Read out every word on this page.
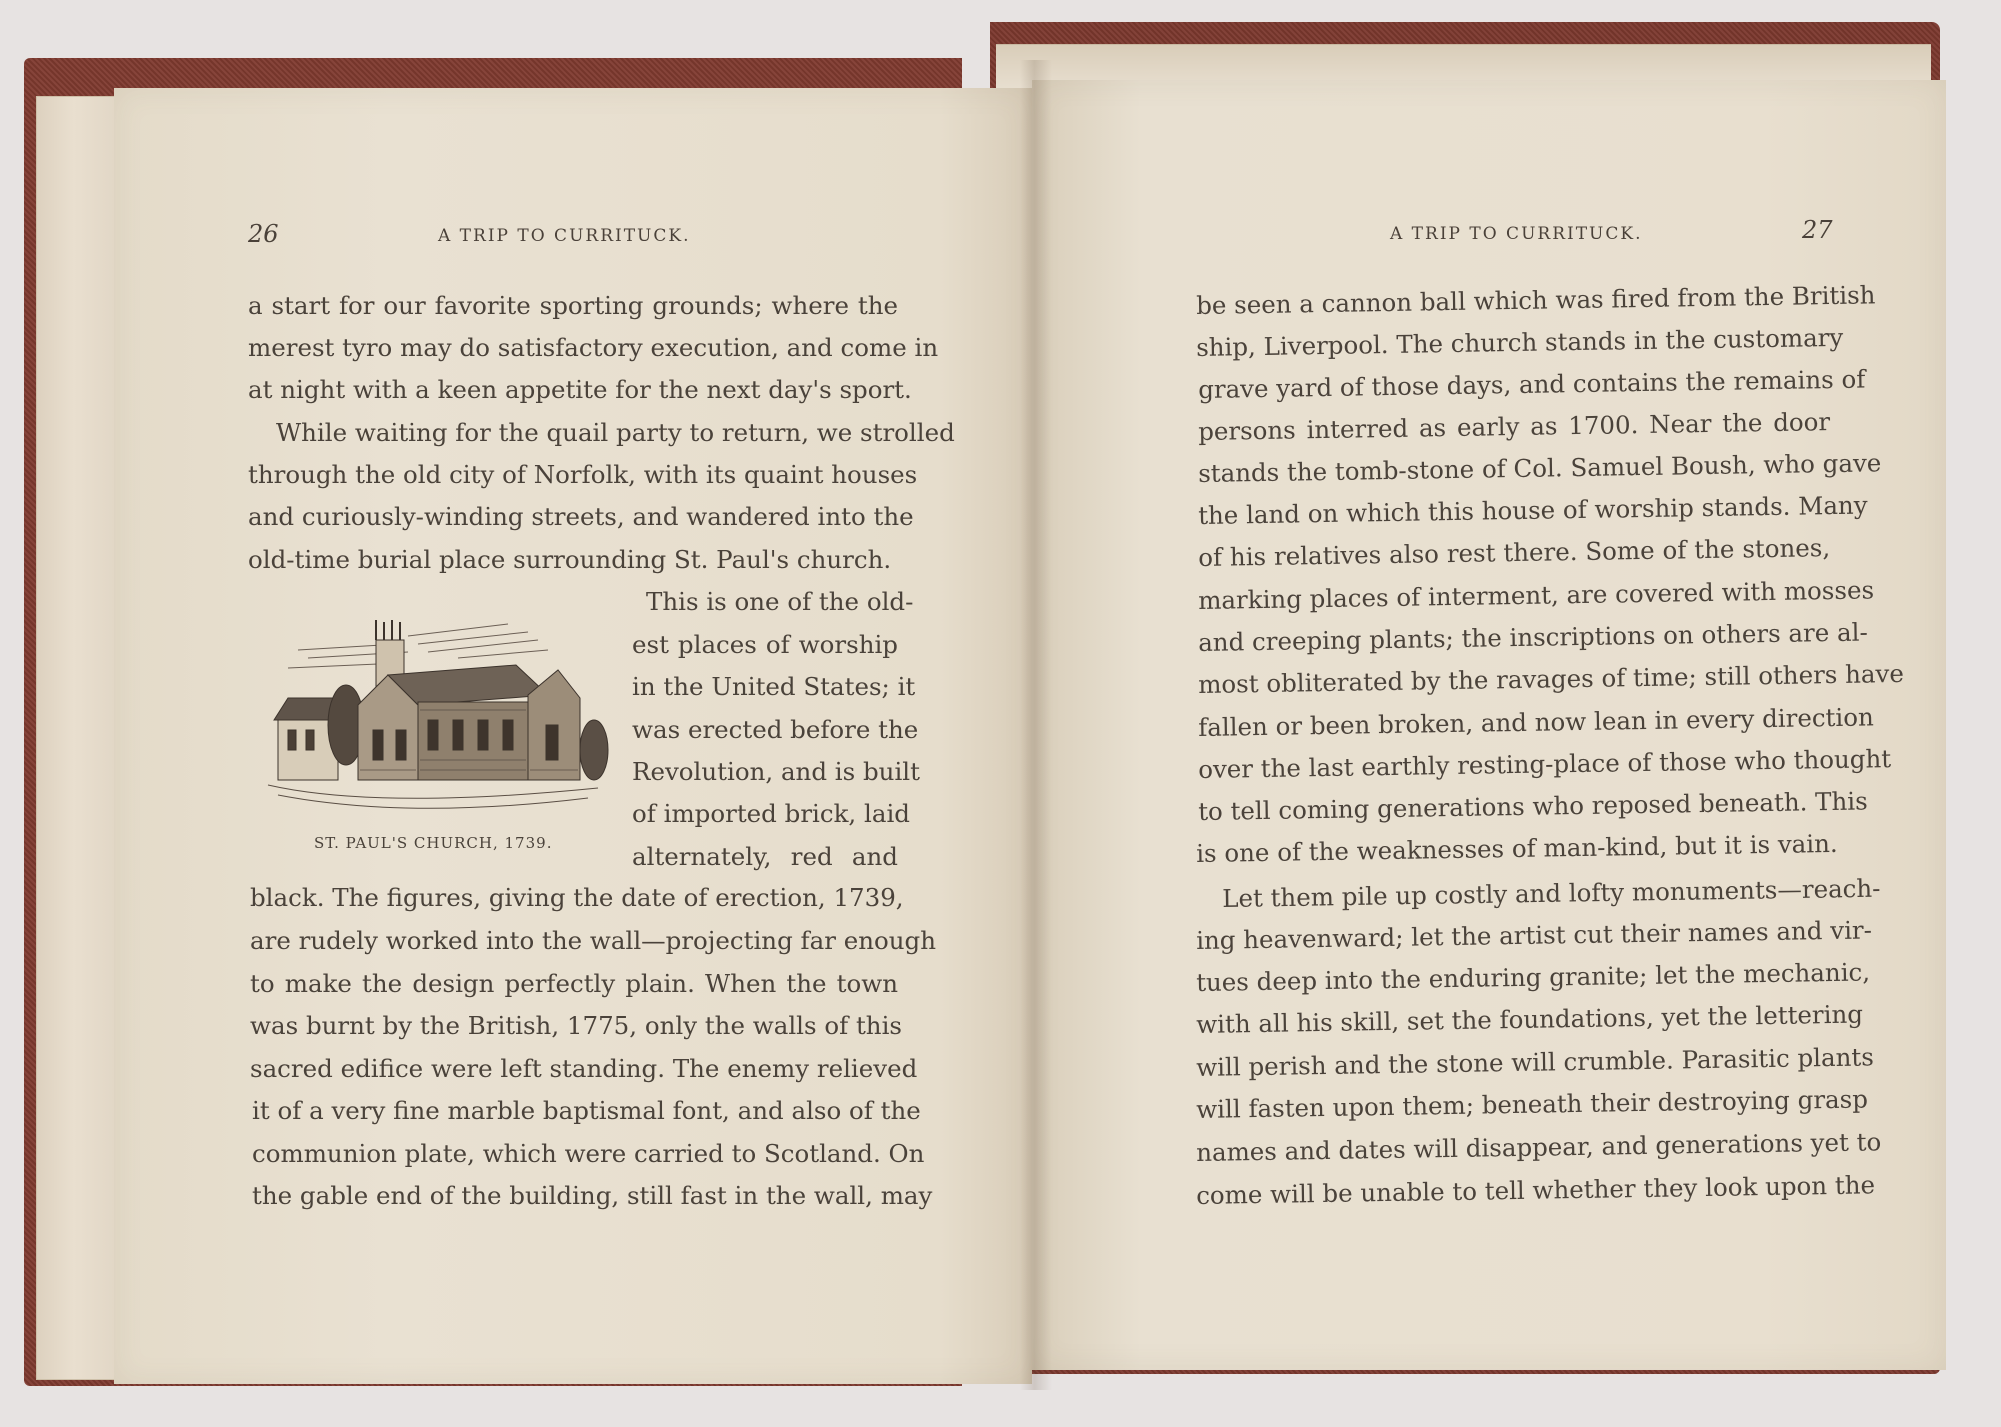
26	A TRIP TO CURRITUCK.
a start for our favorite sporting grounds; where the
merest tyro may do satisfactory execution, and come in
at night with a keen appetite for the next day's sport.
While waiting for the quail party to return, we strolled
through the old city of Norfolk, with its quaint houses
and curiously-winding streets, and wandered into the
old-time burial place surrounding St. Paul's church.
This is one of the old-
est places of worship
in the United States; it
was erected before the
Revolution, and is built
of imported brick, laid
alternately, red and
black. The figures, giving the date of erection, 1739,
are rudely worked into the wall—projecting far enough
to make the design perfectly plain. When the town
was burnt by the British, 1775, only the walls of this
sacred edifice were left standing. The enemy relieved
it of a very fine marble baptismal font, and also of the
communion plate, which were carried to Scotland. On
the gable end of the building, still fast in the wall, may
ST. PAUL'S CHURCH, 1739.
A TRIP TO CURRITUCK.	27
be seen a cannon ball which was fired from the British
ship, Liverpool. The church stands in the customary
grave yard of those days, and contains the remains of
persons interred as early as 1700. Near the door
stands the tomb-stone of Col. Samuel Boush, who gave
the land on which this house of worship stands. Many
of his relatives also rest there. Some of the stones,
marking places of interment, are covered with mosses
and creeping plants; the inscriptions on others are al-
most obliterated by the ravages of time; still others have
fallen or been broken, and now lean in every direction
over the last earthly resting-place of those who thought
to tell coming generations who reposed beneath. This
is one of the weaknesses of man-kind, but it is vain.
Let them pile up costly and lofty monuments—reach-
ing heavenward; let the artist cut their names and vir-
tues deep into the enduring granite; let the mechanic,
with all his skill, set the foundations, yet the lettering
will perish and the stone will crumble. Parasitic plants
will fasten upon them; beneath their destroying grasp
names and dates will disappear, and generations yet to
come will be unable to tell whether they look upon the
